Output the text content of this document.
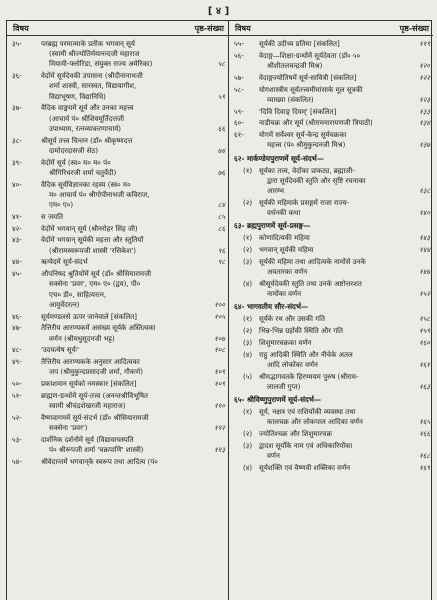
[ ४ ]
विषय	पृष्ठ-संख्या
३५-	परब्रह्म परमात्माके प्रतीक भगवान् सूर्य
(स्वामी श्रीज्योतिर्मयानन्दजी महाराज
मियामी-फ्लोरिडा, संयुक्त राज्य अमेरिका)	५८
३६-	वेदोंमें सूर्यदेवकी उपासना (श्रीदीनानाथजी
शर्मा शास्त्री, सारस्वत, विद्यावागीश,
विद्याभूषण, विद्यानिधि)	५९
३७-	वैदिक वाङ्मयमें सूर्य और उनका महत्त्व
(आचार्य पं० श्रीशिवमूर्तिदत्तजी
उपाध्याय, रत्नव्याकरणाचार्य)	६६
३८-	श्रीसूर्य तत्त्व चिन्तन (डॉ० श्रीकृष्णदत्त
दामोदरदासजी सेठ)	७४
३९-	वेदोंमें सूर्य (स्व० म० म० पं०
श्रीगिरिधरजी शर्मा चतुर्वेदी)	७६
४०-	वैदिक सूर्यविज्ञानका रहस्य (स्व० म०
म० आचार्य पं० श्रीगोपीनाथजी कविराज,
एम० ए०)	८४
४१-	स जयति	८५
४२-	वेदोंमें भगवान् सूर्य (श्रीनरोहर सिंह जी)	८६
४३-	वेदोंमें भगवान् सूर्यकी महत्ता और स्तुतियाँ
(श्रीरामस्वरूपजी शास्त्री 'रसिकेश')	९६
४४-	ऋग्वेदमें सूर्य-संदर्भ	९८
४५-	औपनिषद श्रुतियोंमें सूर्य (डॉ० श्रीसियारामजी
सक्सेना 'प्रवर', एम० ए० (द्वय), पी०
एच० डी०, साहित्यरत्न,
आयुर्वेदरत्न)	१००
४६-	सूर्यमण्डलसे ऊपर जानेवाले [संकलित]	१०५
४७-	तैत्तिरीय आरण्यकमें असंख्य सूर्यके अस्तित्वका
वर्णन (श्रीमधुसूदनजी भट्ट)	१०७
४८-	'उदयत्येष सूर्यः'	१०८
४९-	तैत्तिरीय आरण्यकके अनुसार आदित्यका
जप (श्रीमुकुन्दप्रसादजी शर्मा, गौकर्ण)	१०९
५०-	प्रकाशमान सूर्यको नमस्कार [संकलित]	१०९
५१-	ब्राह्मण-ग्रन्थोंमें सूर्य-तत्त्व (अनन्तश्रीविभूषित
स्वामी श्रीचंद्रशेखरजी महाराज)	११०
५२-	वैष्णवागममें सूर्य-संदर्भ (डॉ० श्रीसियारामजी
सक्सेना 'प्रवर')	११२
५३-	दार्शनिक दर्शनोंमें सूर्य (विद्यावाचस्पति
पं० श्रीरूपजी शर्मा 'चक्रपाणि' शास्त्री)	११३
५४-	श्रीवेदान्तमें भगवान्‌के स्वरूप तथा आदित्य (पं०
विषय	पृष्ठ-संख्या
५५- सूर्यकी उदीच्य प्रतिमा [संकलित]	११९
५६- वेदाङ्ग—शिक्षा-ग्रन्थोंमें सूर्यदेवता (डॉ० ५०
श्रीशीतलचन्द्रजी मिश्र)	१२०
५७- वेदाङ्गज्योतिषमें सूर्य-सावित्री [संकलित]	१२२
५८- योगशास्त्रीय सूर्यतत्त्वमीमांसाके मूल सूत्रकी
व्याख्या (संकलित)	१२३
५९- 'दिवि दिवाङ् दिवम्' [संकलित]	१३३
६०- नाडीचक्र और सूर्य (श्रीरामनारायणजी त्रिपाठी)	१३४
६१- योगमें सर्वेश्वर सूर्य-केन्द्र सूर्यचक्रका
महत्त्व (पं० श्रीमुकुन्दनजी मिश्र)	१३७
६२- मार्कण्डेयपुराणमें सूर्य-संदर्भ—
(१) सूर्यका तत्त्व, वेदोंका प्राकट्य, ब्रह्माजी-
द्वारा सूर्यदेवकी स्तुति और सृष्टि रचनाका
आरम्भ	१३८
(२) सूर्यकी महिमाके प्रसङ्गमें राजा राज्य-
वर्धनकी कथा	१४०
६३- ब्रह्मपुराणमें सूर्य-प्रसङ्ग—
(१) कोणादित्यकी महिमा	१४३
(२) भगवान् सूर्यकी महिमा	१४४
(३) सूर्यकी महिमा तथा आदित्यके नामोंसे उनके
अवतारका वर्णन	१४७
(४) श्रीसूर्यदेवकी स्तुति तथा उनके अष्टोत्तरशत
नामोंका वर्णन	१५२
६४- भागवतीय सौर-संदर्भ—
(१) सूर्यके रथ और उसकी गति	१५८
(२) भिन्न-भिन्न ग्रहोंकी स्थिति और गति	१५९
(३) शिशुमारचक्रका वर्णन	१६०
(४) राहु आदिकी स्थिति और नीचेके अतल
आदि लोकोंका वर्णन	१६१
(५) श्रीमद्भागवतके हिरण्मयम पुरुष (श्रीराम-
लालजी गुप्त)	१६३
६५- श्रीविष्णुपुराणमें सूर्य-संदर्भ—
(१) सूर्य, नक्षत्र एवं राशियोंकी व्यवस्था तथा
कालचक्र और लोकपाल आदिका वर्णन	१६५
(२) ज्योतिश्चक्र और शिशुमारचक्र	१६६
(३) द्वादश सूर्योंके नाम एवं अधिकारियोंका
वर्णन	१६८
(४) सूर्यशक्ति एवं वैष्णवी शक्तिका वर्णन	१६९
